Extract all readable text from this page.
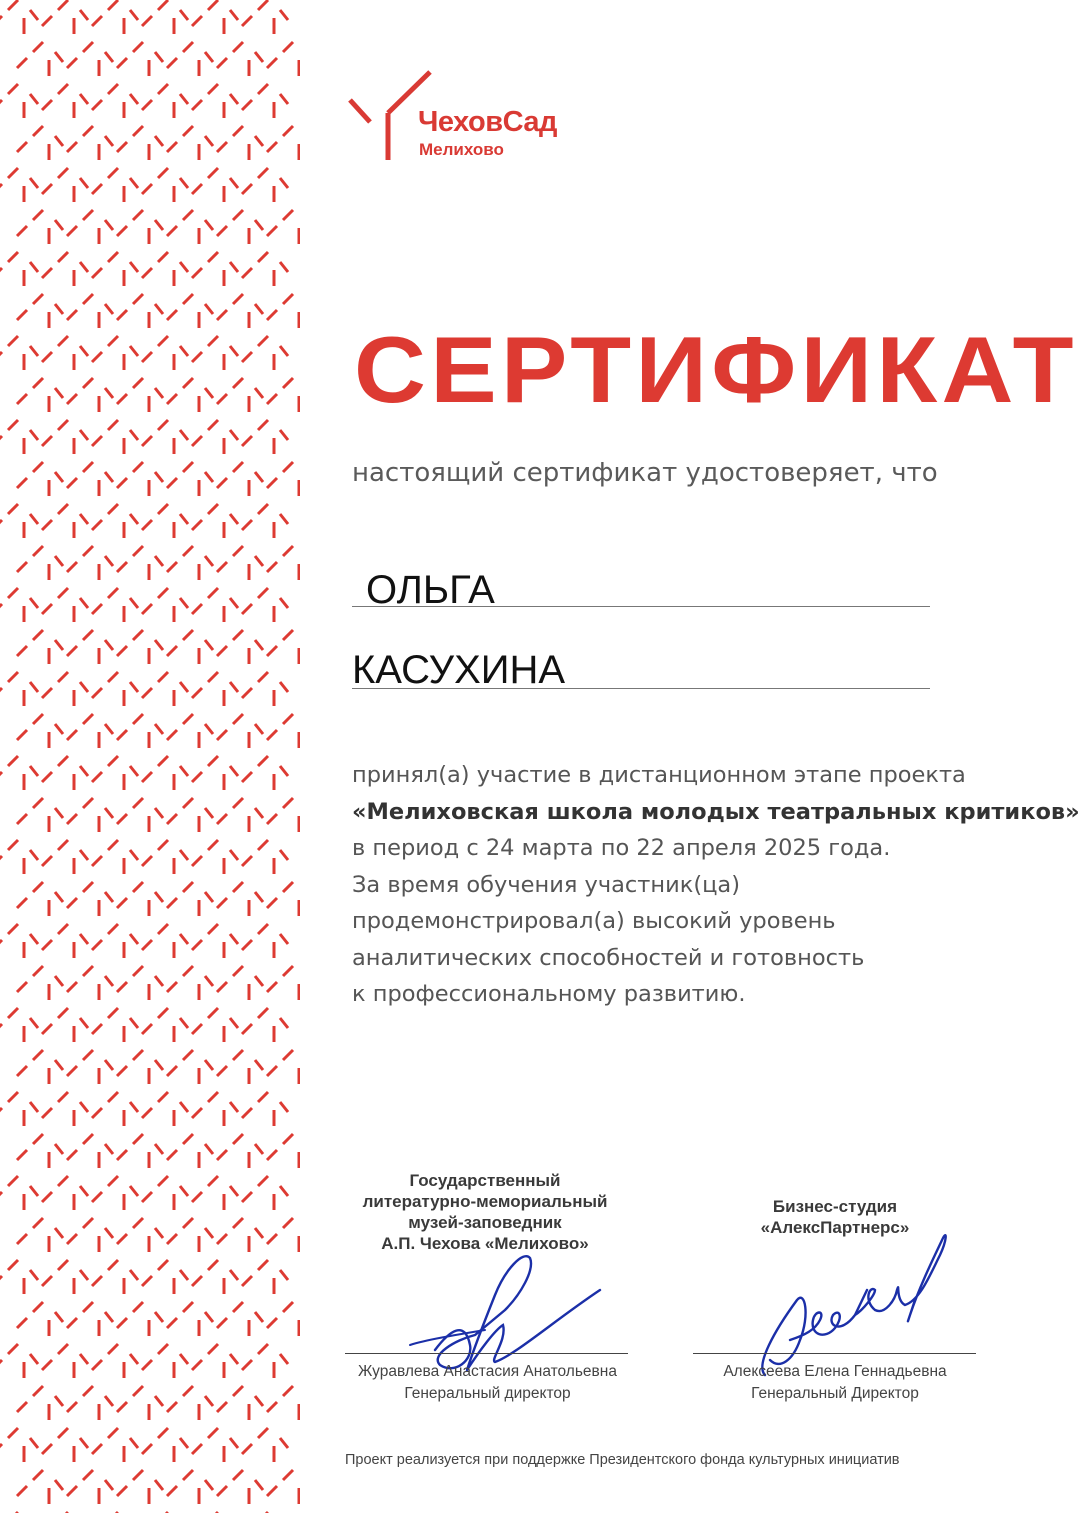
ЧеховСад
Мелихово
СЕРТИФИКАТ
настоящий сертификат удостоверяет, что
ОЛЬГА
КАСУХИНА
принял(а) участие в дистанционном этапе проекта
«Мелиховская школа молодых театральных критиков»
в период с 24 марта по 22 апреля 2025 года.
За время обучения участник(ца)
продемонстрировал(а) высокий уровень
аналитических способностей и готовность
к профессиональному развитию.
Государственный
литературно-мемориальный
музей-заповедник
А.П. Чехова «Мелихово»
Журавлева Анастасия Анатольевна
Генеральный директор
Бизнес-студия
«АлексПартнерс»
Алексеева Елена Геннадьевна
Генеральный Директор
Проект реализуется при поддержке Президентского фонда культурных инициатив
